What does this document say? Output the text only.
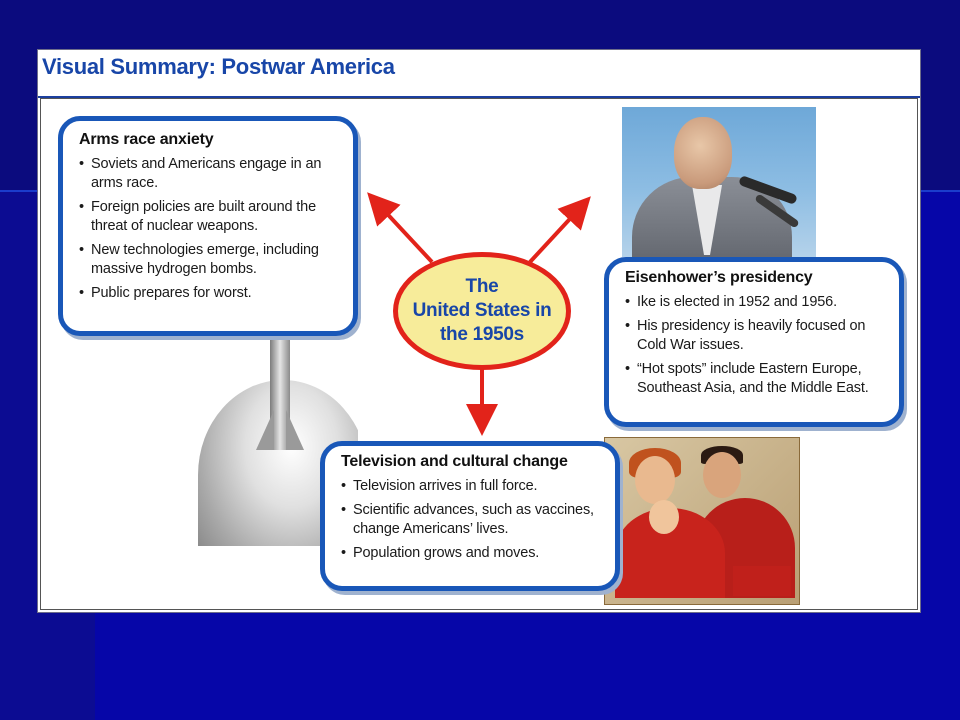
Visual Summary: Postwar America
Arms race anxiety
• Soviets and Americans engage in an arms race.
• Foreign policies are built around the threat of nuclear weapons.
• New technologies emerge, including massive hydrogen bombs.
• Public prepares for worst.
Eisenhower’s presidency
• Ike is elected in 1952 and 1956.
• His presidency is heavily focused on Cold War issues.
• “Hot spots” include Eastern Europe, Southeast Asia, and the Middle East.
Television and cultural change
• Television arrives in full force.
• Scientific advances, such as vaccines, change Americans’ lives.
• Population grows and moves.
The
United States in
the 1950s
